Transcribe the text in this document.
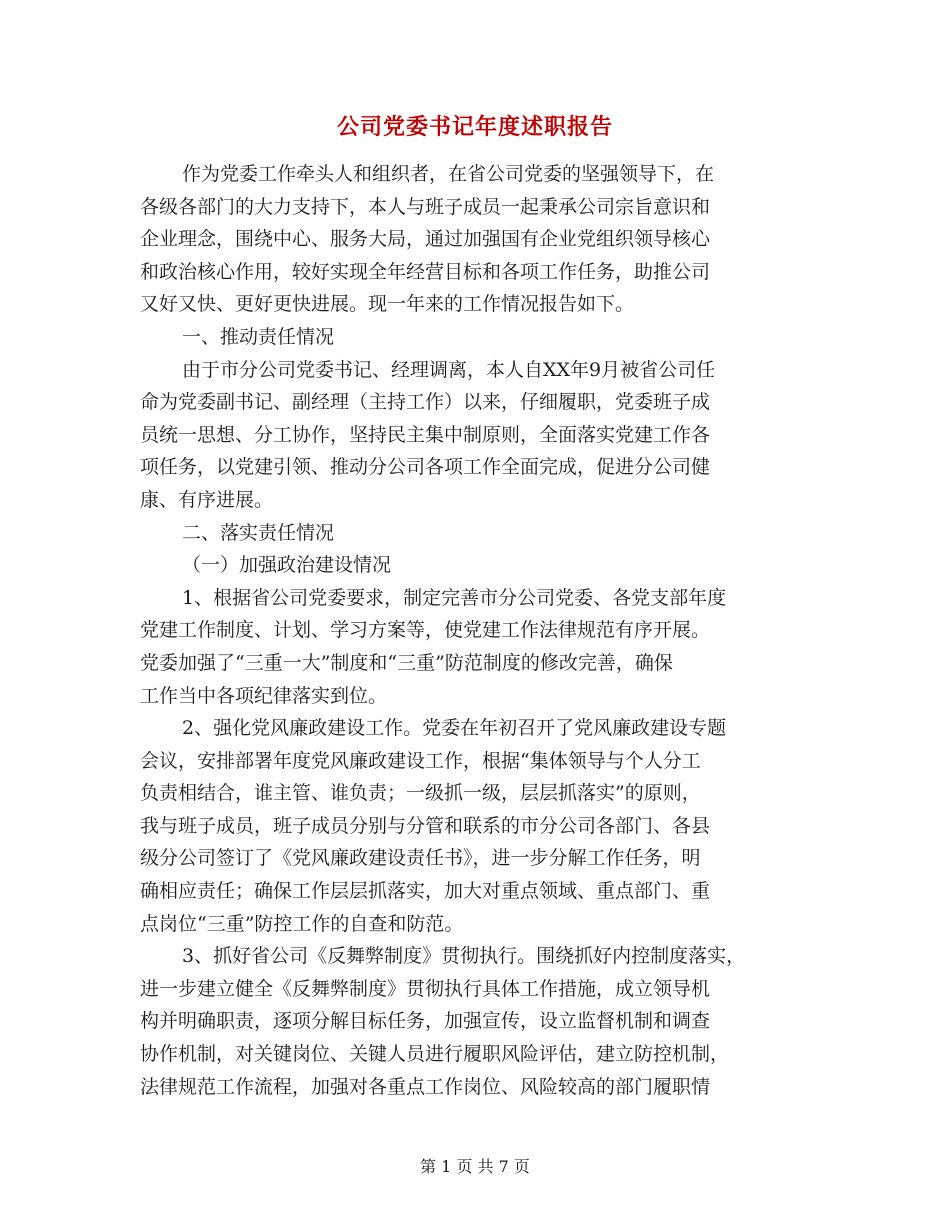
公司党委书记年度述职报告
作为党委工作牵头人和组织者，在省公司党委的坚强领导下，在
各级各部门的大力支持下，本人与班子成员一起秉承公司宗旨意识和
企业理念，围绕中心、服务大局，通过加强国有企业党组织领导核心
和政治核心作用，较好实现全年经营目标和各项工作任务，助推公司
又好又快、更好更快进展。现一年来的工作情况报告如下。
一、推动责任情况
由于市分公司党委书记、经理调离，本人自XX年9月被省公司任
命为党委副书记、副经理（主持工作）以来，仔细履职，党委班子成
员统一思想、分工协作，坚持民主集中制原则，全面落实党建工作各
项任务，以党建引领、推动分公司各项工作全面完成，促进分公司健
康、有序进展。
二、落实责任情况
（一）加强政治建设情况
1、根据省公司党委要求，制定完善市分公司党委、各党支部年度
党建工作制度、计划、学习方案等，使党建工作法律规范有序开展。
党委加强了“三重一大”制度和“三重”防范制度的修改完善，确保
工作当中各项纪律落实到位。
2、强化党风廉政建设工作。党委在年初召开了党风廉政建设专题
会议，安排部署年度党风廉政建设工作，根据“集体领导与个人分工
负责相结合，谁主管、谁负责；一级抓一级，层层抓落实”的原则，
我与班子成员，班子成员分别与分管和联系的市分公司各部门、各县
级分公司签订了《党风廉政建设责任书》，进一步分解工作任务，明
确相应责任；确保工作层层抓落实，加大对重点领域、重点部门、重
点岗位“三重”防控工作的自查和防范。
3、抓好省公司《反舞弊制度》贯彻执行。围绕抓好内控制度落实，
进一步建立健全《反舞弊制度》贯彻执行具体工作措施，成立领导机
构并明确职责，逐项分解目标任务，加强宣传，设立监督机制和调查
协作机制，对关键岗位、关键人员进行履职风险评估，建立防控机制，
法律规范工作流程，加强对各重点工作岗位、风险较高的部门履职情
第 1 页 共 7 页
